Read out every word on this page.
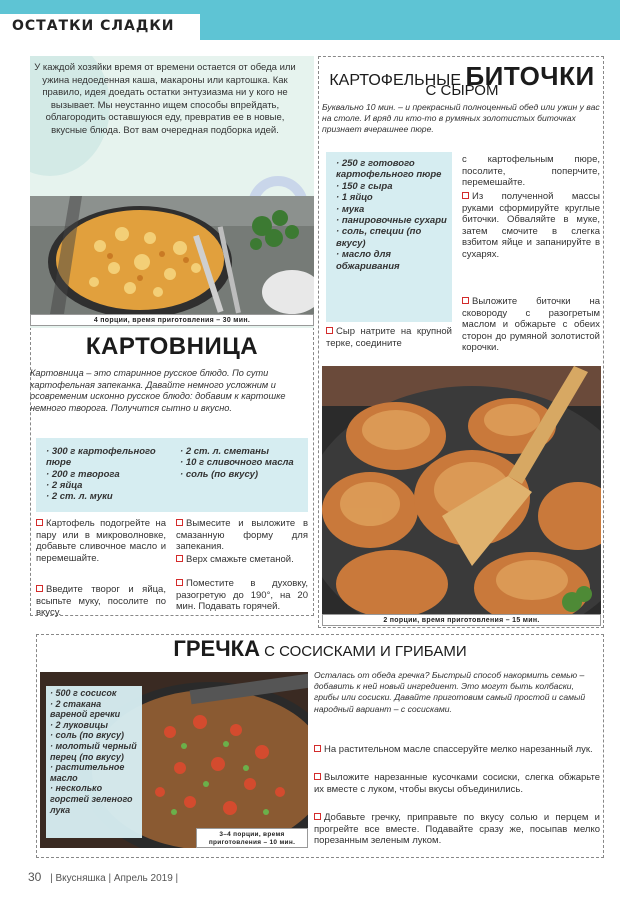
ОСТАТКИ СЛАДКИ

У каждой хозяйки время от времени остается от обеда или ужина недоеденная каша, макароны или картошка. Как правило, идея доедать остатки энтузиазма ни у кого не вызывает. Мы неустанно ищем способы впрейдать, облагородить оставшуюся еду, превратив ее в новые, вкусные блюда. Вот вам очередная подборка идей.

4 порции, время приготовления – 30 мин.
КАРТОВНИЦА

Картовница – это старинное русское блюдо. По сути картофельная запеканка. Давайте немного усложним и осовременим исконно русское блюдо: добавим к картошке немного творога. Получится сытно и вкусно.

· 300 г картофельного пюре
· 200 г творога
· 2 яйца
· 2 ст. л. муки
· 2 ст. л. сметаны
· 10 г сливочного масла
· соль (по вкусу)

Картофель подогрейте на пару или в микроволновке, добавьте сливочное масло и перемешайте.

Введите творог и яйца, всыпьте муку, посолите по вкусу.

Вымесите и выложите в смазанную форму для запекания.

Верх смажьте сметаной.

Поместите в духовку, разогретую до 190°, на 20 мин. Подавать горячей.

КАРТОФЕЛЬНЫЕ БИТОЧКИ
С СЫРОМ

Буквально 10 мин. – и прекрасный полноценный обед или ужин у вас на столе. И вряд ли кто-то в румяных золотистых биточках признает вчерашнее пюре.

· 250 г готового картофельного пюре
· 150 г сыра
· 1 яйцо
· мука
· панировочные сухари
· соль, специи (по вкусу)
· масло для обжаривания

Сыр натрите на крупной терке, соедините

с картофельным пюре, посолите, поперчите, перемешайте.

Из полученной массы руками сформируйте круглые биточки. Обваляйте в муке, затем смочите в слегка взбитом яйце и запанируйте в сухарях.

Выложите биточки на сковороду с разогретым маслом и обжарьте с обеих сторон до румяной золотистой корочки.

2 порции, время приготовления – 15 мин.
ГРЕЧКА С СОСИСКАМИ И ГРИБАМИ
· 500 г сосисок
· 2 стакана вареной гречки
· 2 луковицы
· соль (по вкусу)
· молотый черный перец (по вкусу)
· растительное масло
· несколько горстей зеленого лука
3–4 порции, время приготовления – 10 мин.

Осталась от обеда гречка? Быстрый способ накормить семью – добавить к ней новый ингредиент. Это могут быть колбаски, грибы или сосиски. Давайте приготовим самый простой и самый народный вариант – с сосисками.

На растительном масле спассеруйте мелко нарезанный лук.

Выложите нарезанные кусочками сосиски, слегка обжарьте их вместе с луком, чтобы вкусы объединились.

Добавьте гречку, приправьте по вкусу солью и перцем и прогрейте все вместе. Подавайте сразу же, посыпав мелко порезанным зеленым луком.

30 | Вкусняшка | Апрель 2019 |
